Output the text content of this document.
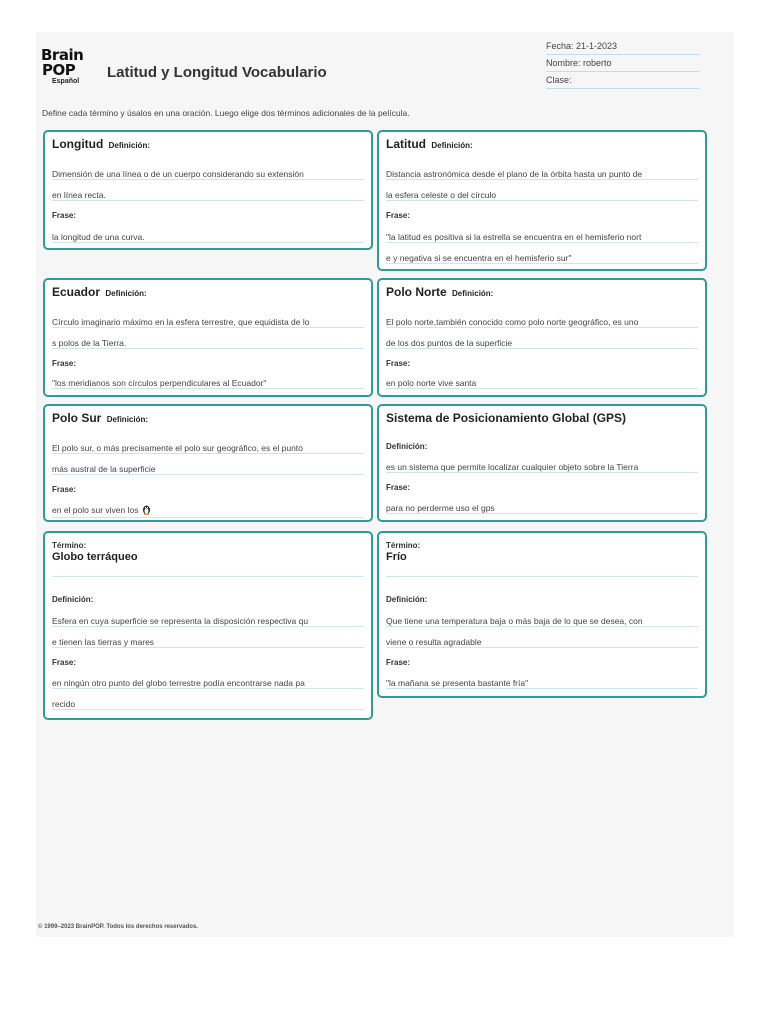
Brain
POP
Español
Latitud y Longitud Vocabulario
Fecha: 21-1-2023
Nombre: roberto
Clase:
Define cada término y úsalos en una oración. Luego elige dos términos adicionales de la película.
Longitud Definición:
Dimensión de una línea o de un cuerpo considerando su extensión
en línea recta.
Frase:
la longitud de una curva.
Latitud Definición:
Distancia astronómica desde el plano de la órbita hasta un punto de
la esfera celeste o del círculo
Frase:
"la latitud es positiva si la estrella se encuentra en el hemisferio nort
e y negativa si se encuentra en el hemisferio sur"
Ecuador Definición:
Círculo imaginario máximo en la esfera terrestre, que equidista de lo
s polos de la Tierra.
Frase:
"los meridianos son círculos perpendiculares al Ecuador"
Polo Norte Definición:
El polo norte,también conocido como polo norte geográfico, es uno
de los dos puntos de la superficie
Frase:
en polo norte vive santa
Polo Sur Definición:
El polo sur, o más precisamente el polo sur geográfico, es el punto
más austral de la superficie
Frase:
en el polo sur viven los
Sistema de Posicionamiento Global (GPS)
Definición:
es un sistema que permite localizar cualquier objeto sobre la Tierra
Frase:
para no perderme uso el gps
Término:
Globo terráqueo
Definición:
Esfera en cuya superficie se representa la disposición respectiva qu
e tienen las tierras y mares
Frase:
en ningún otro punto del globo terrestre podía encontrarse nada pa
recido
Término:
Frío
Definición:
Que tiene una temperatura baja o más baja de lo que se desea, con
viene o resulta agradable
Frase:
"la mañana se presenta bastante fría"
© 1999–2023 BrainPOP. Todos los derechos reservados.
